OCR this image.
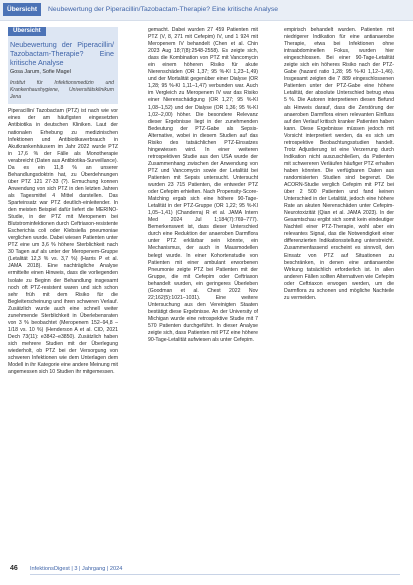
Übersicht	Neubewertung der Piperacillin/Tazobactam-Therapie? Eine kritische Analyse
Übersicht
Neubewertung der Piperacillin/ Tazobactam-Therapie? Eine kritische Analyse
Gosa Jarum, Sofie Magel
Institut für Infektionsmedizin und Krankenhaushygiene, Universitätsklinikum Jena

Piperacillin/ Tazobactam (PTZ) ist nach wie vor eines der am häufigsten eingesetzten Antibiotika in deutschen Kliniken. Laut der nationalen Erhebung zu medizinischen Infektionen und Antibiotikaverbrauch in Akutkrankenhäusern im Jahr 2022 wurde PTZ in 17,6 % der Fälle als Monotherapie verabreicht (Daten aus Antibiotika-Surveillance). Da es ein 11,8 % an unserer Behandlungsdoktrin hat, zu Überdehnungen über PTZ 121 27-33 (?). Ermuchung konnen Anwendung von sich PTZ in den letzten Jahren als Tagesmittel 4 Mittel darstellen. Das Sparteinsatz war PTZ deutlich-einleitender. In den meisten Beispiel dafür liefert die MERINO-Studie, in der PTZ mit Meropenem bei Blutstrominfektionen durch Ceftriaxon-resistente Escherichia coli oder Klebsiella pneumoniae verglichen wurde. Dabei wiesen Patienten unter PTZ eine um 3,6 % höhere Sterblichkeit nach 30 Tagen auf als unter der Meropenem-Gruppe (Letalität 12,3 % vs. 3,7 %) (Harris P et al. JAMA 2018). Eine nachträgliche Analyse ermittelte einen Hinweis, dass die vorliegenden Isolate zu Beginn der Behandlung insgesamt noch oft PTZ-resistent waren und sich schon sehr früh mit dem Risiko für die Begleiterscheinung und ihren schweren Verlauf. Zusätzlich wurde auch eine schnell weiter zunehmende Sterblichkeit in Überlebensraten von 3 % beobachtet (Meropenem 152–94,8 – 1/18 vs. 10 %) (Henderson A et al. CID, 2021 Dech 73(11): e3842–e3850). Zusätzlich haben sich mehrere Studien mit der Überlegung wiederholt, ob PTZ bei der Versorgung von schweren Infektionen wie dem Unterlagen dem Modell in ihr Kategorie eine andere Meinung mit angemessen sich 10 Studien ihr mitgemessen.

gemacht. Dabei wurden 27 459 Patienten mit PTZ (V, 8, 271 mit Cefepim) IV, und 1 924 mit Meropenem IV behandelt (Chen et al. Chin 2023 Aug 18;7(8):2548-2558). Es zeigte sich, dass die Kombination von PTZ mit Vancomycin ein einem höheren Risiko für akute Nierenschäden (OR 1,37; 95 %-KI 1,23–1,49) und der Mortalität gegenüber einer Dialyse (OR 1,28; 95 %-KI 1,11–1,47) verbunden war. Auch im Vergleich zu Meropenem IV war das Risiko einer Nierenschädigung (OR 1,27; 95 %-KI 1,08–1,52) und der Dialyse (OR 1,36; 95 %-KI 1,02–2,00) höher. Die besondere Relevanz dieser Ergebnisse liegt in der zunehmenden Bedeutung der PTZ-Gabe als Sepsis-Alternative, wobei in diesem Studien auf das Risiko des tatsächlichen PTZ-Einsatzes hingewiesen wird. In einer weiteren retrospektiven Studie aus den USA wurde der Zusammenhang zwischen der Anwendung von PTZ und Vancomycin sowie der Letalität bei Patienten mit Sepsis untersucht. Untersucht wurden 23 715 Patienten, die entweder PTZ oder Cefepim erhielten. Nach Propensity-Score-Matching ergab sich eine höhere 90-Tage-Letalität in der PTZ-Gruppe (OR 1,22; 95 %-KI 1,05–1,41) (Chanderraj R et al. JAMA Intern Med 2024 Jul 1;184(7):769–777). Bemerkenswert ist, dass dieser Unterschied durch eine Reduktion der anaeroben Darmflora unter PTZ erklärbar sein könnte, ein Mechanismus, der auch in Mausmodellen belegt wurde. In einer Kohortenstudie von Patienten mit einer ambulant erworbenen Pneumonie zeigte PTZ bei Patienten mit der Gruppe, die mit Cefepim oder Ceftriaxon behandelt wurden, ein geringeres Überleben (Goodman et al. Chest 2022 Nov 22;162(5):1021–1031). Eine weitere Untersuchung aus den Vereinigten Staaten bestätigt diese Ergebnisse. An der University of Michigan wurde eine retrospektive Studie mit 7 570 Patienten durchgeführt. In dieser Analyse zeigte sich, dass Patienten mit PTZ eine höhere 90-Tage-Letalität aufwiesen als unter Cefepim.

empirisch behandelt wurden. Patienten mit niedrigerer Indikation für eine antianaerobe Therapie, etwa bei Infektionen ohne intraabdominellen Fokus, wurden hier eingeschlossen. Bei einer 90-Tage-Letalität zeigte sich ein höheres Risiko nach der PTZ-Gabe (hazard ratio 1,28; 95 %-KI 1,12–1,46). Insgesamt zeigten die 7 889 eingeschlossenen Patienten unter der PTZ-Gabe eine höhere Letalität, der absolute Unterschied betrug etwa 5 %. Die Autoren interpretieren diesen Befund als Hinweis darauf, dass die Zerstörung der anaeroben Darmflora einen relevanten Einfluss auf den Verlauf kritisch kranker Patienten haben kann. Diese Ergebnisse müssen jedoch mit Vorsicht interpretiert werden, da es sich um retrospektive Beobachtungsstudien handelt. Trotz Adjustierung ist eine Verzerrung durch Indikation nicht auszuschließen, da Patienten mit schwereren Verläufen häufiger PTZ erhalten haben könnten. Die verfügbaren Daten aus randomisierten Studien sind begrenzt. Die ACORN-Studie verglich Cefepim mit PTZ bei über 2 500 Patienten und fand keinen Unterschied in der Letalität, jedoch eine höhere Rate an akuten Nierenschäden unter Cefepim-Neurotoxizität (Qian et al. JAMA 2023). In der Gesamtschau ergibt sich somit kein eindeutiger Nachteil einer PTZ-Therapie, wohl aber ein relevantes Signal, das die Notwendigkeit einer differenzierten Indikationsstellung unterstreicht. Zusammenfassend erscheint es sinnvoll, den Einsatz von PTZ auf Situationen zu beschränken, in denen eine antianaerobe Wirkung tatsächlich erforderlich ist. In allen anderen Fällen sollten Alternativen wie Cefepim oder Ceftriaxon erwogen werden, um die Darmflora zu schonen und mögliche Nachteile zu vermeiden.

46 InfektionsDigest | 3 | Jahrgang | 2024
